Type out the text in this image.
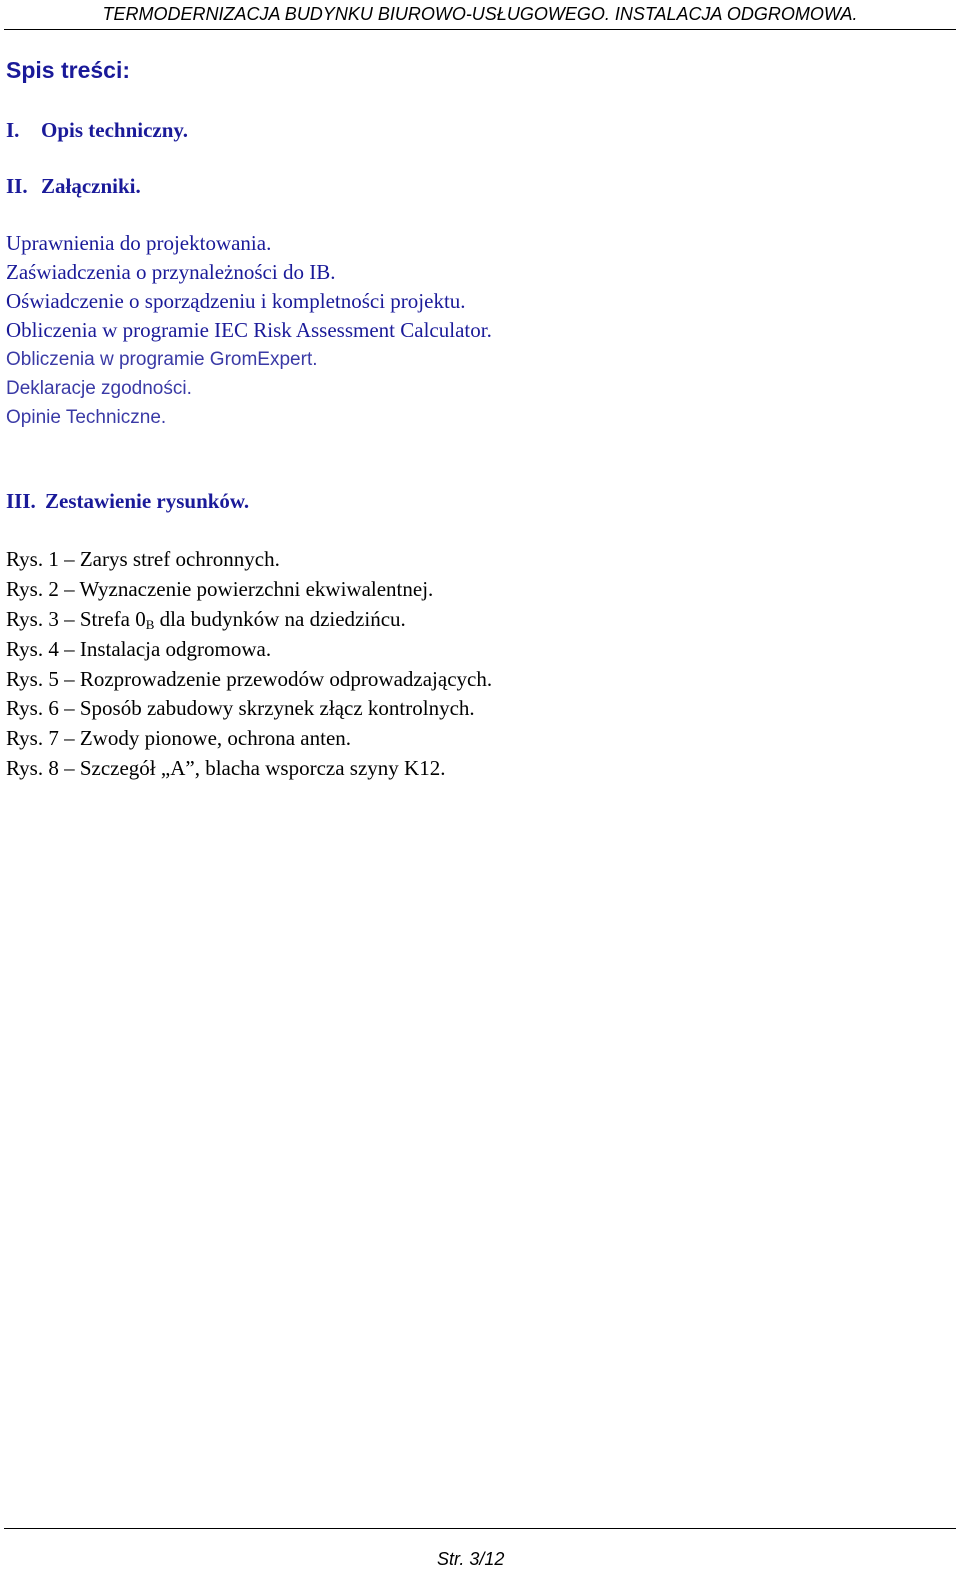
TERMODERNIZACJA BUDYNKU BIUROWO-USŁUGOWEGO. INSTALACJA ODGROMOWA.
Spis treści:
I. Opis techniczny.
II. Załączniki.
Uprawnienia do projektowania.
Zaświadczenia o przynależności do IB.
Oświadczenie o sporządzeniu i kompletności projektu.
Obliczenia w programie IEC Risk Assessment Calculator.
Obliczenia w programie GromExpert.
Deklaracje zgodności.
Opinie Techniczne.
III. Zestawienie rysunków.
Rys. 1 – Zarys stref ochronnych.
Rys. 2 – Wyznaczenie powierzchni ekwiwalentnej.
Rys. 3 – Strefa $0_B$ dla budynków na dziedzińcu.
Rys. 4 – Instalacja odgromowa.
Rys. 5 – Rozprowadzenie przewodów odprowadzających.
Rys. 6 – Sposób zabudowy skrzynek złącz kontrolnych.
Rys. 7 – Zwody pionowe, ochrona anten.
Rys. 8 – Szczegół „A”, blacha wsporcza szyny K12.
Str. 3/12
